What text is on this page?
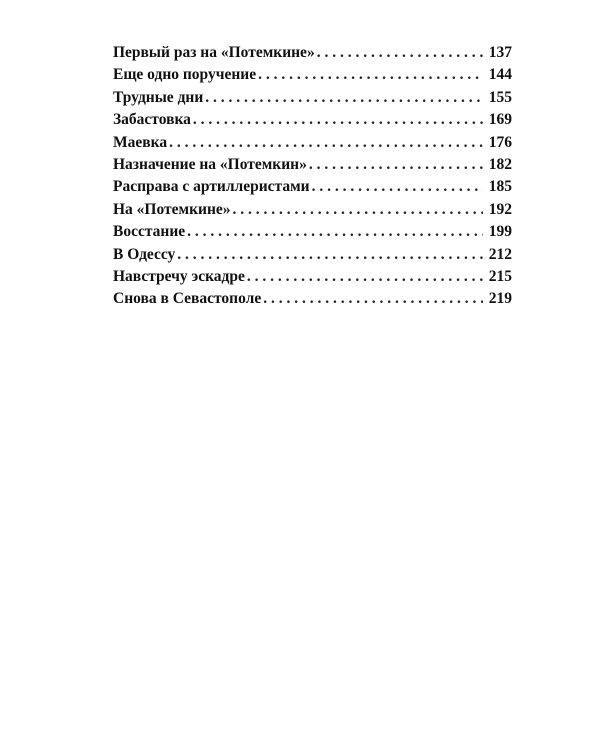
Первый раз на «Потемкине» . . .	137
Еще одно поручение . . .	144
Трудные дни . . .	155
Забастовка . . .	169
Маевка . . .	176
Назначение на «Потемкин» . . .	182
Расправа с артиллеристами . . .	185
На «Потемкине» . . .	192
Восстание . . .	199
В Одессу . . .	212
Навстречу эскадре . . .	215
Снова в Севастополе . . .	219
